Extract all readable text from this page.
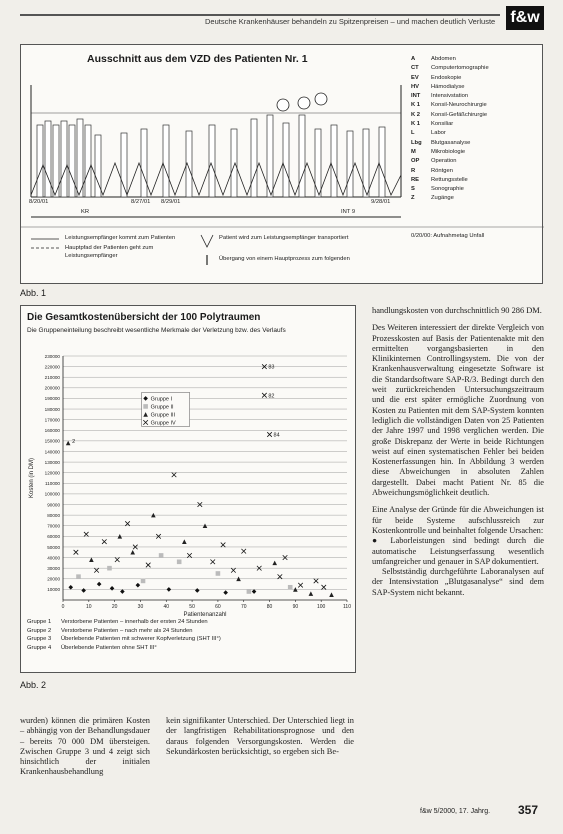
Deutsche Krankenhäuser behandeln zu Spitzenpreisen – und machen deutlich Verluste f&w
Ausschnitt aus dem VZD des Patienten Nr. 1
KR	INT 9
8/20/01	8/27/01 8/29/01	9/28/01
A	Abdomen
CT	Computertomographie
EV	Endoskopie
HV	Hämodialyse
INT	Intensivstation
K 1	Konsil-Neurochirurgie
K 2	Konsil-Gefäßchirurgie
K 1	Konsiliar
L	Labor
Lbg	Blutgasanalyse
M	Mikrobiologie
OP	Operation
R	Röntgen
RE	Rettungsstelle
S	Sonographie
Z	Zugänge
0/20/00: Aufnahmetag Unfall
Leistungsempfänger kommt zum Patienten
Hauptpfad der Patienten geht zum Leistungsempfänger
Patient wird zum Leistungsempfänger transportiert
Übergang von einem Hauptprozess zum folgenden
Abb. 1
Die Gesamtkostenübersicht der 100 Polytraumen
Die Gruppeneinteilung beschreibt wesentliche Merkmale der Verletzung bzw. des Verlaufs
10000
20000
30000
40000
50000
60000
70000
80000
90000
100000
110000
120000
130000
140000
150000
160000
170000
180000
190000
200000
210000
220000
230000
0	10	20	30	40	50	60	70	80	90	100	110
Patientenanzahl
Kosten (in DM)
83
82
84
2
Gruppe I
Gruppe II
Gruppe III
Gruppe IV
Gruppe 1	Verstorbene Patienten – innerhalb der ersten 24 Stunden
Gruppe 2	Verstorbene Patienten – nach mehr als 24 Stunden
Gruppe 3	Überlebende Patienten mit schwerer Kopfverletzung (SHT III°)
Gruppe 4	Überlebende Patienten ohne SHT III°
Abb. 2

wurden) können die primären Kosten – abhängig von der Behandlungsdauer – bereits 70 000 DM übersteigen. Zwischen Gruppe 3 und 4 zeigt sich hinsichtlich der initialen Krankenhausbehandlung

kein signifikanter Unterschied. Der Unterschied liegt in der langfristigen Rehabilitationsprognose und den daraus folgenden Versorgungskosten. Werden die Sekundärkosten berücksichtigt, so ergeben sich Be-

handlungskosten von durchschnittlich 90 286 DM.

Des Weiteren interessiert der direkte Vergleich von Prozesskosten auf Basis der Patientenakte mit den ermittelten vorgangsbasierten in den Klinikinternen Controllingsystem. Die von der Krankenhausverwaltung eingesetzte Software ist die Standardsoftware SAP-R/3. Bedingt durch den weit zurückreichenden Untersuchungszeitraum und die erst später ermögliche Zuordnung von Kosten zu Patienten mit dem SAP-System konnten lediglich die vollständigen Daten von 25 Patienten der Jahre 1997 und 1998 verglichen werden. Die große Diskrepanz der Werte in beide Richtungen weist auf einen systematischen Fehler bei beiden Kostenerfassungen hin. In Abbildung 3 werden diese Abweichungen in absoluten Zahlen dargestellt. Dabei macht Patient Nr. 85 die Abweichungsmöglichkeit deutlich.

Eine Analyse der Gründe für die Abweichungen ist für beide Systeme aufschlussreich zur Kostenkontrolle und beinhaltet folgende Ursachen:

● Laborleistungen sind bedingt durch die automatische Leistungserfassung wesentlich umfangreicher und genauer in SAP dokumentiert.

Selbstständig durchgeführte Laboranalysen auf der Intensivstation „Blutgasanalyse“ sind dem SAP-System nicht bekannt.

f&w 5/2000, 17. Jahrg. 357
